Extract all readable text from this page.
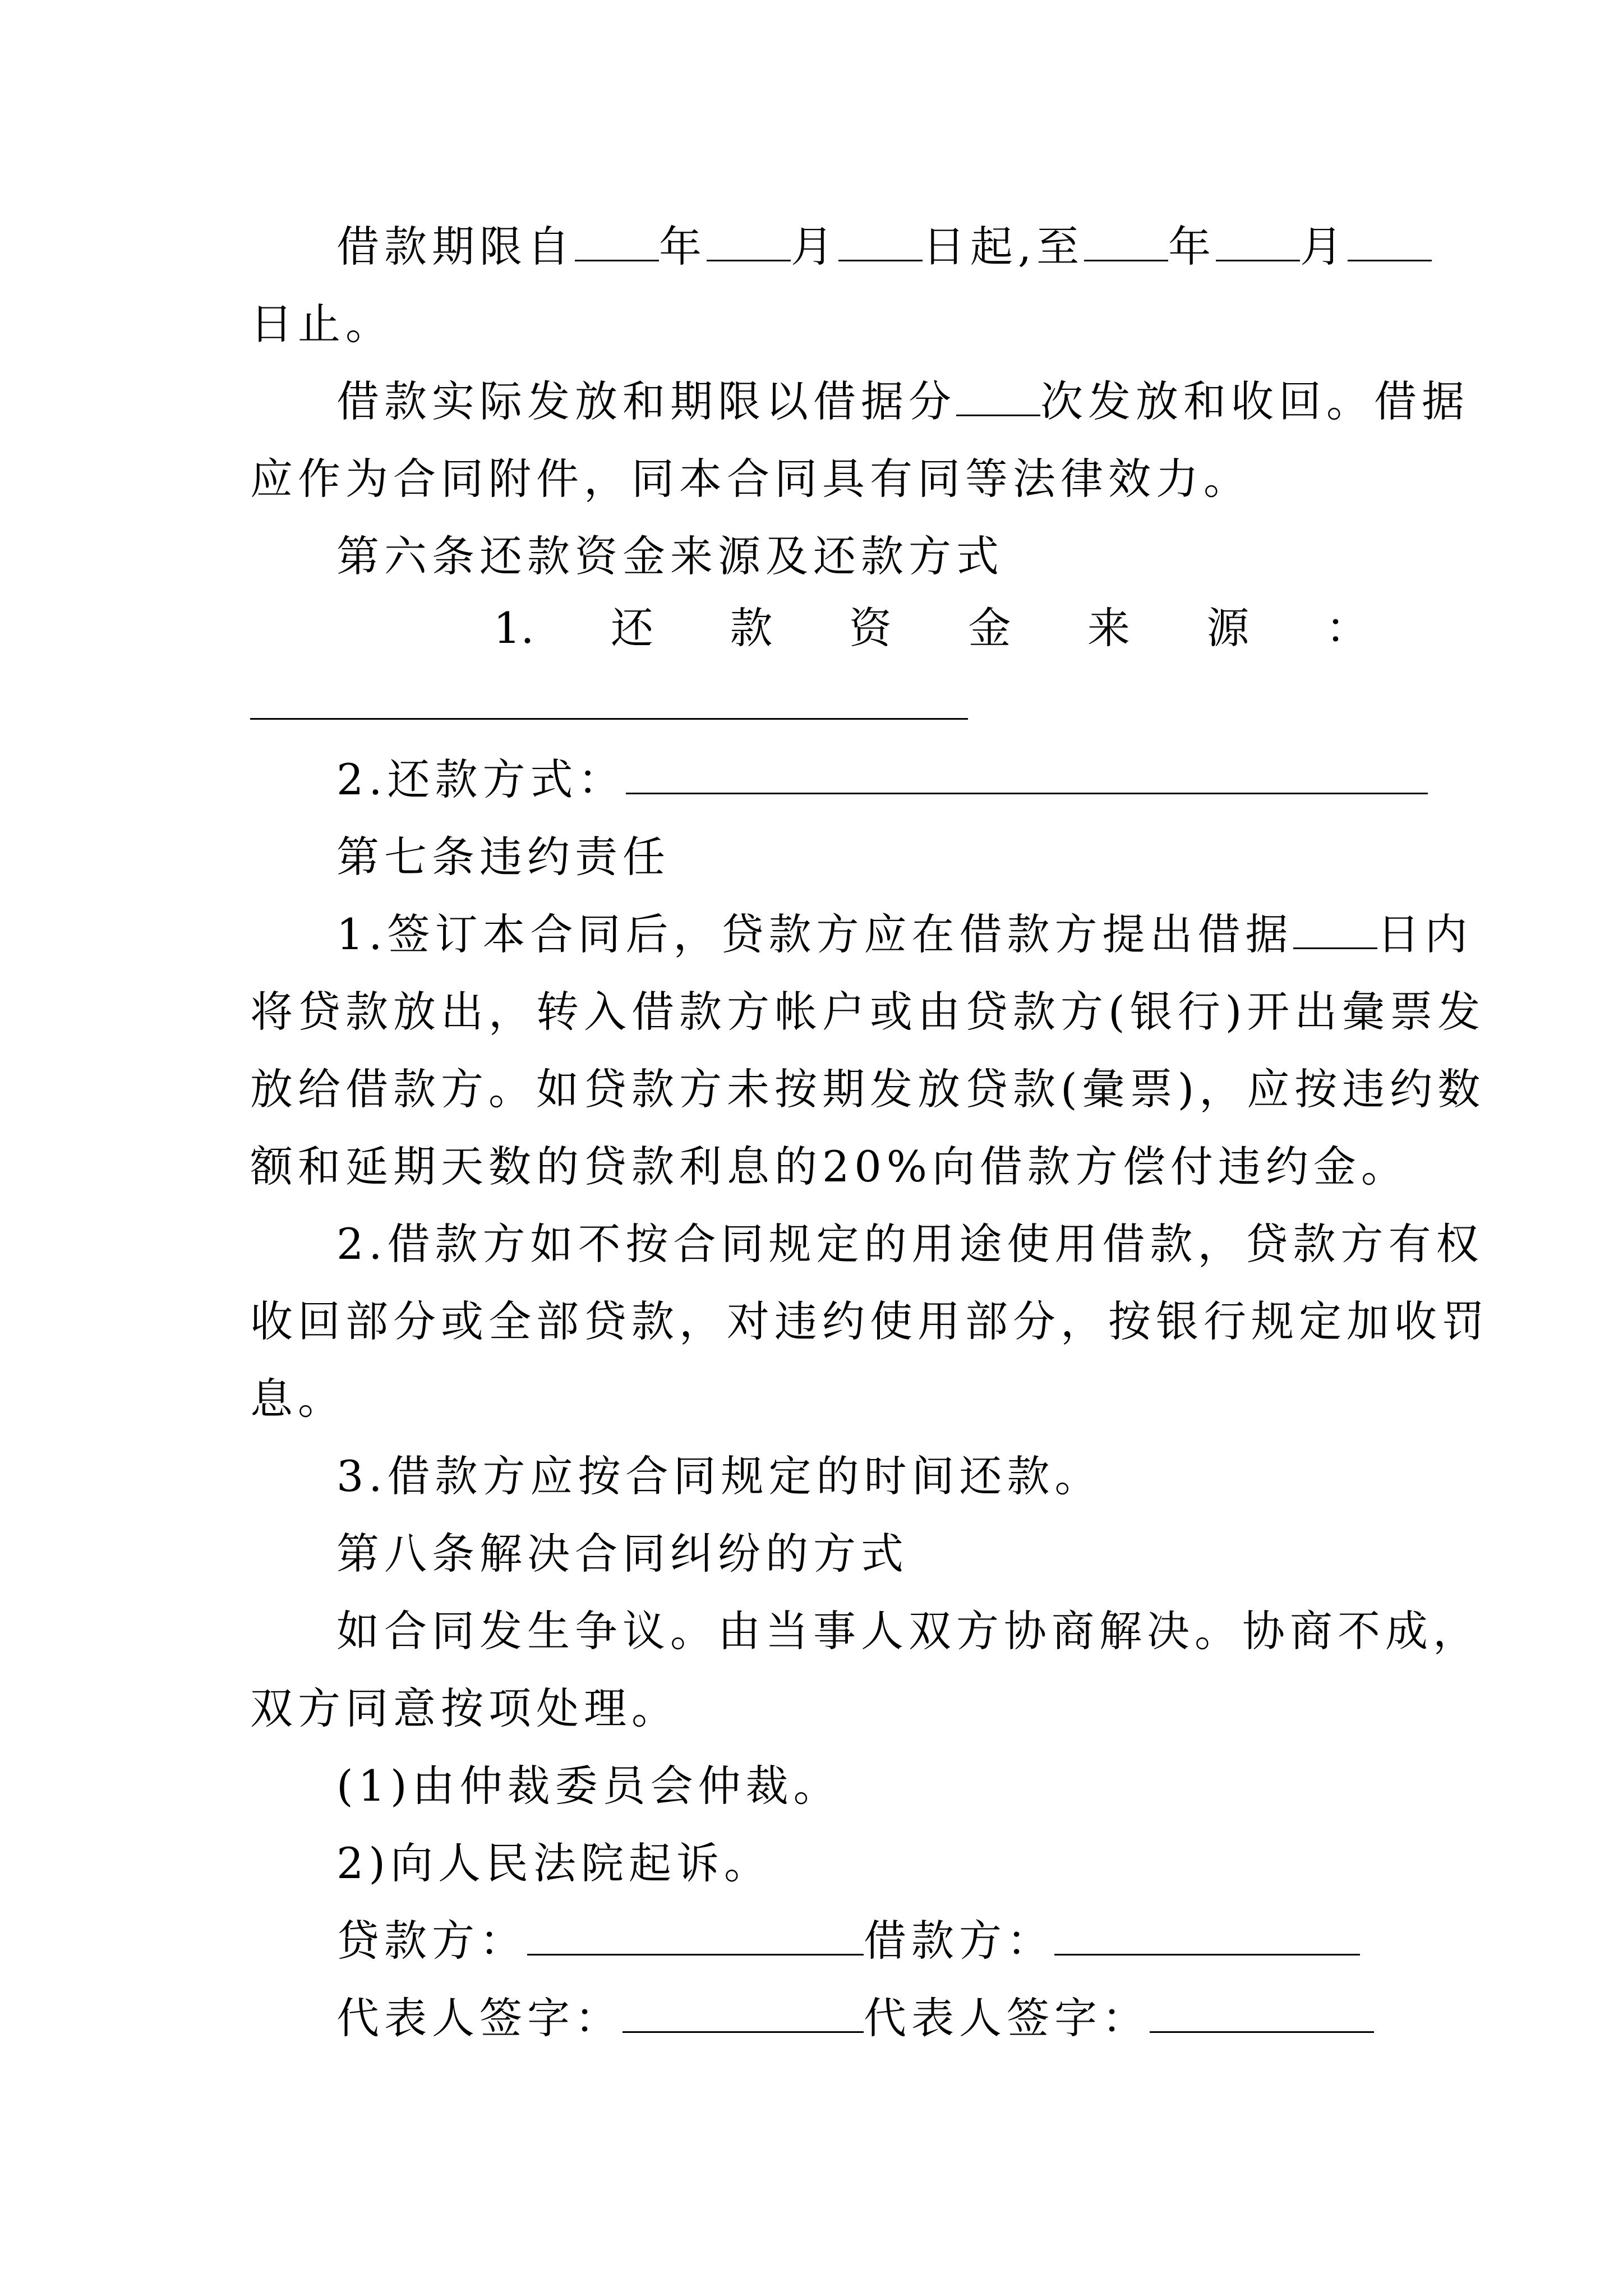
借款期限自 年 月 日起,至 年 月
日止。
借款实际发放和期限以借据分 次发放和收回。借据
应作为合同附件，同本合同具有同等法律效力。
第六条还款资金来源及还款方式
1. 还 款 资 金 来 源 ：
2.还款方式：
第七条违约责任
1.签订本合同后，贷款方应在借款方提出借据 日内
将贷款放出，转入借款方帐户或由贷款方(银行)开出彙票发
放给借款方。如贷款方未按期发放贷款(彙票)，应按违约数
额和延期天数的贷款利息的20%向借款方偿付违约金。
2.借款方如不按合同规定的用途使用借款，贷款方有权
收回部分或全部贷款，对违约使用部分，按银行规定加收罚
息。
3.借款方应按合同规定的时间还款。
第八条解决合同纠纷的方式
如合同发生争议。由当事人双方协商解决。协商不成，
双方同意按项处理。
(1)由仲裁委员会仲裁。
2)向人民法院起诉。
贷款方：	借款方：
代表人签字：	代表人签字：
